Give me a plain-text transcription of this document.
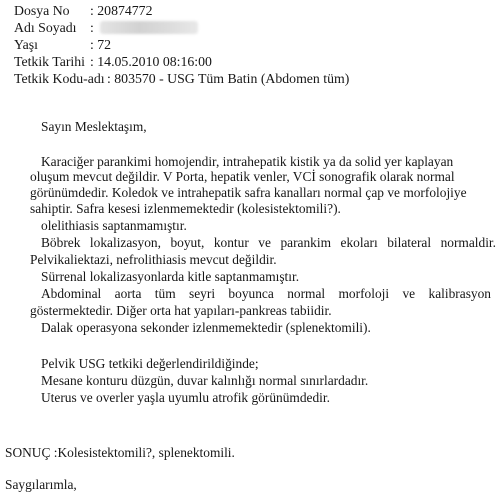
Dosya No : 20874772
Adı Soyadı :
Yaşı	: 72
Tetkik Tarihi : 14.05.2010 08:16:00
Tetkik Kodu-adı : 803570 - USG Tüm Batin (Abdomen tüm)
Sayın Meslektaşım,
Karaciğer parankimi homojendir, intrahepatik kistik ya da solid yer kaplayan
oluşum mevcut değildir. V Porta, hepatik venler, VCİ sonografik olarak normal
görünümdedir. Koledok ve intrahepatik safra kanalları normal çap ve morfolojiye
sahiptir. Safra kesesi izlenmemektedir (kolesistektomili?).
olelithiasis saptanmamıştır.
Böbrek lokalizasyon, boyut, kontur ve parankim ekoları bilateral normaldir.
Pelvikaliektazi, nefrolithiasis mevcut değildir.
Sürrenal lokalizasyonlarda kitle saptanmamıştır.
Abdominal aorta tüm seyri boyunca normal morfoloji ve kalibrasyon
göstermektedir. Diğer orta hat yapıları-pankreas tabiidir.
Dalak operasyona sekonder izlenmemektedir (splenektomili).
Pelvik USG tetkiki değerlendirildiğinde;
Mesane konturu düzgün, duvar kalınlığı normal sınırlardadır.
Uterus ve overler yaşla uyumlu atrofik görünümdedir.
SONUÇ :Kolesistektomili?, splenektomili.
Saygılarımla,
